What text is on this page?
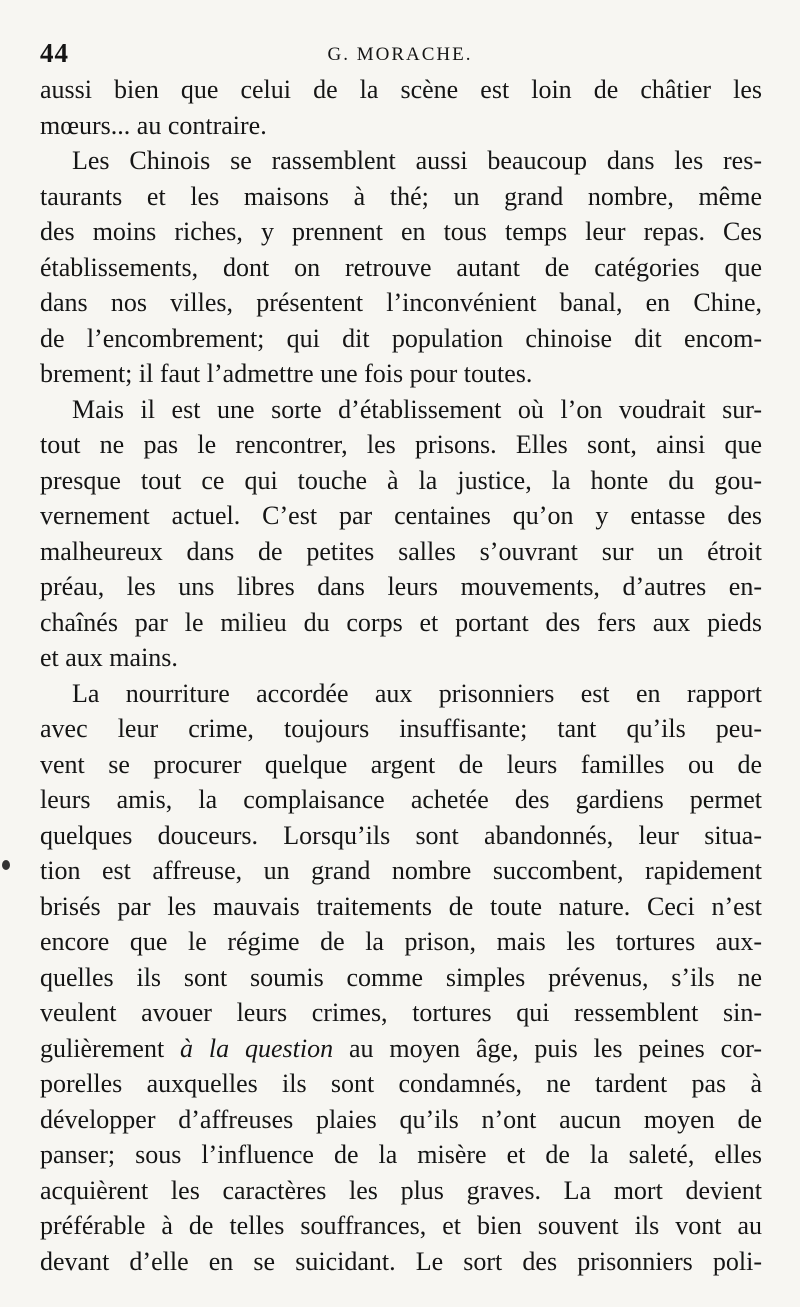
44	G. MORACHE.
aussi bien que celui de la scène est loin de châtier les
mœurs... au contraire.
Les Chinois se rassemblent aussi beaucoup dans les res-
taurants et les maisons à thé; un grand nombre, même
des moins riches, y prennent en tous temps leur repas. Ces
établissements, dont on retrouve autant de catégories que
dans nos villes, présentent l’inconvénient banal, en Chine,
de l’encombrement; qui dit population chinoise dit encom-
brement; il faut l’admettre une fois pour toutes.
Mais il est une sorte d’établissement où l’on voudrait sur-
tout ne pas le rencontrer, les prisons. Elles sont, ainsi que
presque tout ce qui touche à la justice, la honte du gou-
vernement actuel. C’est par centaines qu’on y entasse des
malheureux dans de petites salles s’ouvrant sur un étroit
préau, les uns libres dans leurs mouvements, d’autres en-
chaînés par le milieu du corps et portant des fers aux pieds
et aux mains.
La nourriture accordée aux prisonniers est en rapport
avec leur crime, toujours insuffisante; tant qu’ils peu-
vent se procurer quelque argent de leurs familles ou de
leurs amis, la complaisance achetée des gardiens permet
quelques douceurs. Lorsqu’ils sont abandonnés, leur situa-
tion est affreuse, un grand nombre succombent, rapidement
brisés par les mauvais traitements de toute nature. Ceci n’est
encore que le régime de la prison, mais les tortures aux-
quelles ils sont soumis comme simples prévenus, s’ils ne
veulent avouer leurs crimes, tortures qui ressemblent sin-
gulièrement à la question au moyen âge, puis les peines cor-
porelles auxquelles ils sont condamnés, ne tardent pas à
développer d’affreuses plaies qu’ils n’ont aucun moyen de
panser; sous l’influence de la misère et de la saleté, elles
acquièrent les caractères les plus graves. La mort devient
préférable à de telles souffrances, et bien souvent ils vont au
devant d’elle en se suicidant. Le sort des prisonniers poli-
